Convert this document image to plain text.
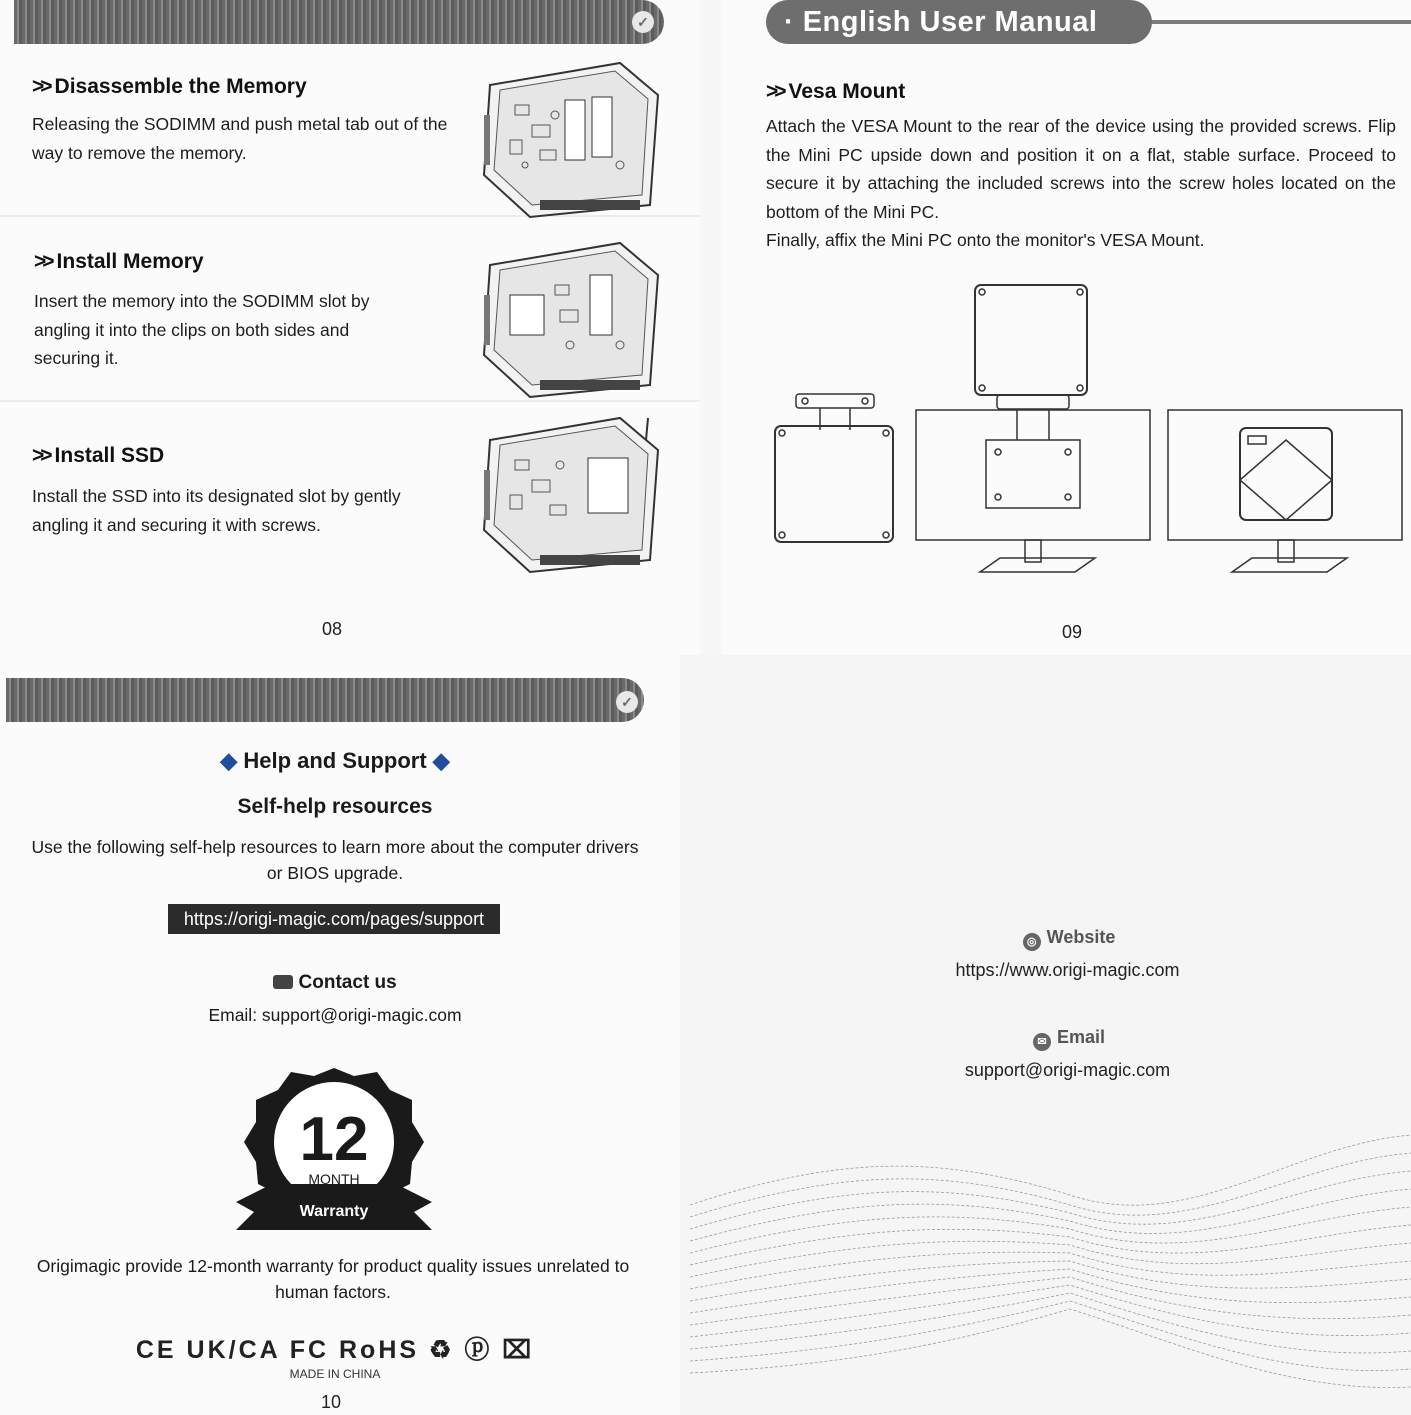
✓
>> Disassemble the Memory
Releasing the SODIMM and push metal tab out of the way to remove the memory.
>> Install Memory
Insert the memory into the SODIMM slot by angling it into the clips on both sides and securing it.
>> Install SSD
Install the SSD into its designated slot by gently angling it and securing it with screws.
08
· English User Manual
>> Vesa Mount

Attach the VESA Mount to the rear of the device using the provided screws. Flip the Mini PC upside down and position it on a flat, stable surface. Proceed to secure it by attaching the included screws into the screw holes located on the bottom of the Mini PC.

Finally, affix the Mini PC onto the monitor's VESA Mount.

09
✓
◆ Help and Support ◆
Self-help resources
Use the following self-help resources to learn more about the computer drivers or BIOS upgrade.
https://origi-magic.com/pages/support
Contact us
Email: support@origi-magic.com
12
MONTH
Warranty
Origimagic provide 12-month warranty for product quality issues unrelated to human factors.
CE UK/CA FC RoHS ♻ ⓟ ⌧
MADE IN CHINA
10
◎ Website
https://www.origi-magic.com
✉ Email
support@origi-magic.com
